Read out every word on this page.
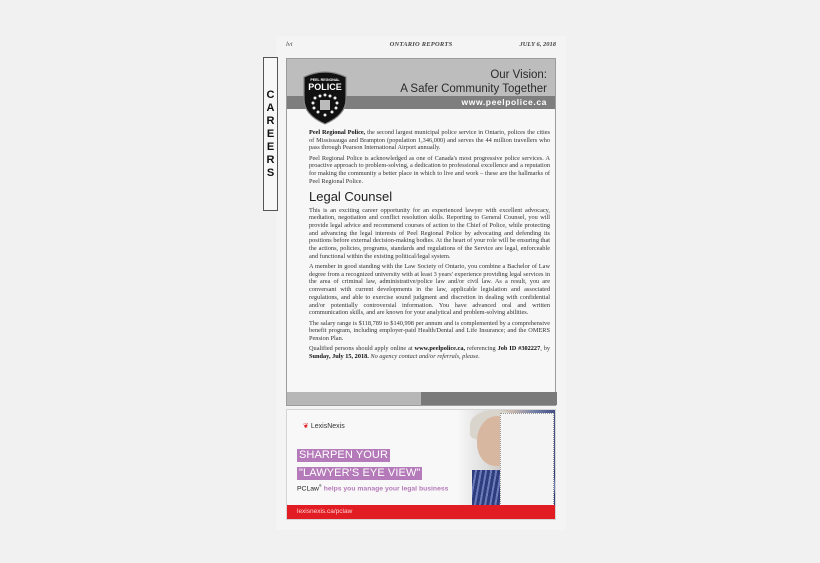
lvi	ONTARIO REPORTS	JULY 6, 2018
C
A
R
E
E
R
S
Our Vision:
A Safer Community Together
www.peelpolice.ca
PEEL REGIONAL
POLICE

Peel Regional Police, the second largest municipal police service in Ontario, polices the cities of Mississauga and Brampton (population 1,346,000) and serves the 44 million travellers who pass through Pearson International Airport annually.

Peel Regional Police is acknowledged as one of Canada's most progressive police services. A proactive approach to problem-solving, a dedication to professional excellence and a reputation for making the community a better place in which to live and work – these are the hallmarks of Peel Regional Police.

Legal Counsel

This is an exciting career opportunity for an experienced lawyer with excellent advocacy, mediation, negotiation and conflict resolution skills. Reporting to General Counsel, you will provide legal advice and recommend courses of action to the Chief of Police, while protecting and advancing the legal interests of Peel Regional Police by advocating and defending its positions before external decision-making bodies. At the heart of your role will be ensuring that the actions, policies, programs, standards and regulations of the Service are legal, enforceable and functional within the existing political/legal system.

A member in good standing with the Law Society of Ontario, you combine a Bachelor of Law degree from a recognized university with at least 3 years' experience providing legal services in the area of criminal law, administrative/police law and/or civil law. As a result, you are conversant with current developments in the law, applicable legislation and associated regulations, and able to exercise sound judgment and discretion in dealing with confidential and/or potentially controversial information. You have advanced oral and written communication skills, and are known for your analytical and problem-solving abilities.

The salary range is $118,789 to $140,998 per annum and is complemented by a comprehensive benefit program, including employer-paid Health/Dental and Life Insurance; and the OMERS Pension Plan.

Qualified persons should apply online at www.peelpolice.ca, referencing Job ID #302227, by Sunday, July 15, 2018. No agency contact and/or referrals, please.

❦ LexisNexis
SHARPEN YOUR
"LAWYER'S EYE VIEW"
PCLaw® helps you manage your legal business
lexisnexis.ca/pclaw
